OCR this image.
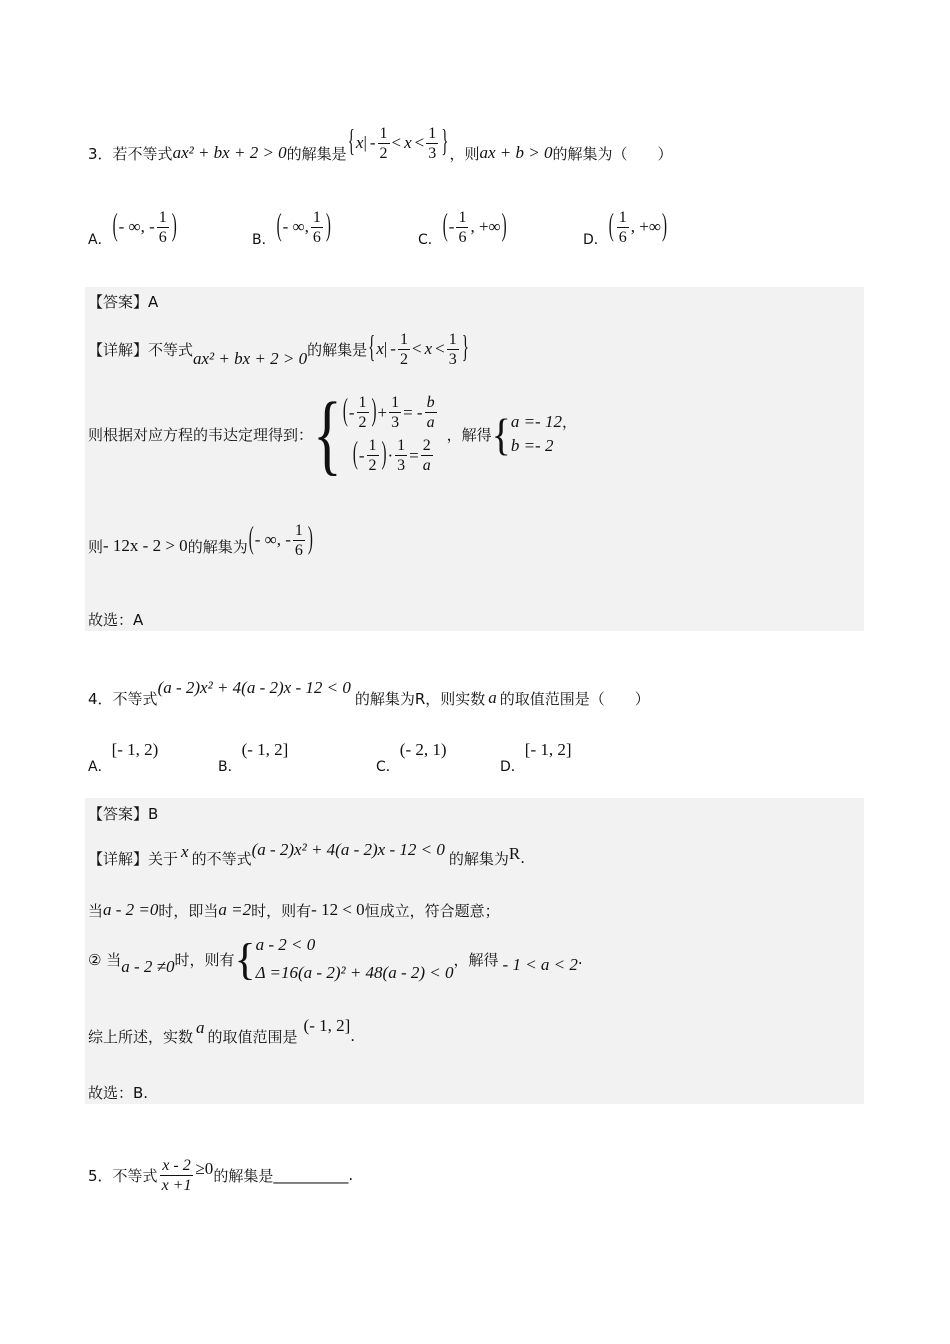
3． 若不等式 ax² + bx + 2 > 0 的解集是 { x | - $\frac{1}{2} < x < \frac{1}{3}$ } ，则 ax + b > 0 的解集为（　　）
A． ( - ∞, - $\frac{1}{6}$ )	B． ( - ∞, $\frac{1}{6}$ )	C． ( - $\frac{1}{6}$ , +∞ )	D． ( $\frac{1}{6}$ , +∞ )
【答案】A
【详解】不等式 ax² + bx + 2 > 0 的解集是 { x | - $\frac{1}{2} < x < \frac{1}{3}$ }
则根据对应方程的韦达定理得到： { ( - $\frac{1}{2}$ ) + $\frac{1}{3}$ = - $\frac{b}{a}$
( - $\frac{1}{2}$ ) · $\frac{1}{3} = \frac{2}{a}$
，解得 { a =- 12，
b =- 2
则 - 12x - 2 > 0 的解集为 ( - ∞, - $\frac{1}{6}$ )
故选：A
4． 不等式
(a - 2)x² + 4(a - 2)x - 12 < 0
的解集为R，则实数 a 的取值范围是（　　）
A．
[- 1, 2)
B．
(- 1, 2]
C．
(- 2, 1)
D．
[- 1, 2]
【答案】B
【详解】关于 x 的不等式 (a - 2)x² + 4(a - 2)x - 12 < 0 的解集为 R .
当 a - 2 =0 时，即当 a =2 时，则有 - 12 < 0 恒成立，符合题意；
② 当 a - 2 ≠0 时，则有 { a - 2 < 0
Δ =16(a - 2)² + 48(a - 2) < 0
，解得 - 1 < a < 2 .
综上所述，实数 a 的取值范围是
(- 1, 2]
.
故选：B.
5． 不等式 $\frac{x - 2}{x +1} \ge 0$ 的解集是 __________ .
